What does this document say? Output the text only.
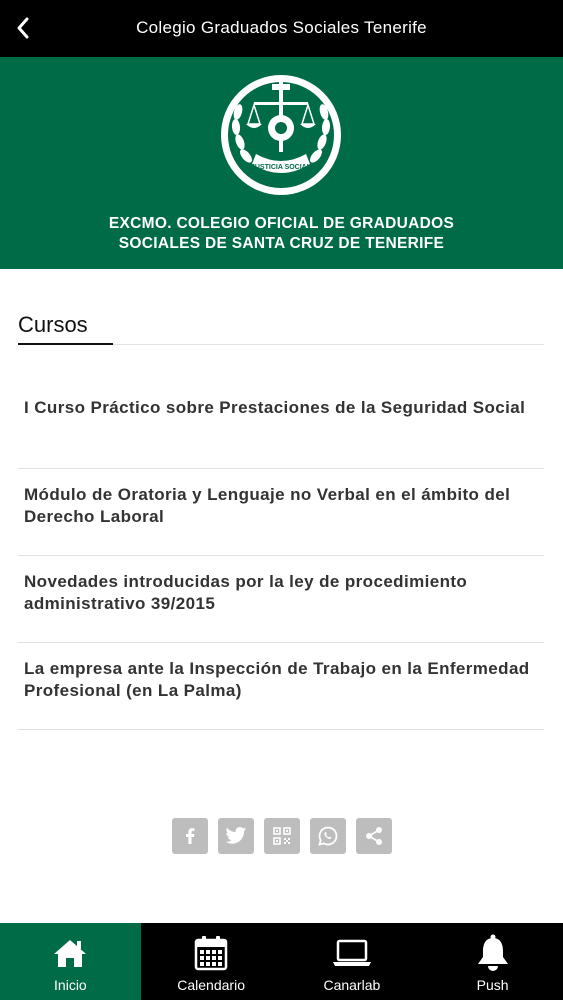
Colegio Graduados Sociales Tenerife
JUSTICIA SOCIAL
EXCMO. COLEGIO OFICIAL DE GRADUADOS
SOCIALES DE SANTA CRUZ DE TENERIFE
Cursos
I Curso Práctico sobre Prestaciones de la Seguridad Social
Módulo de Oratoria y Lenguaje no Verbal en el ámbito del Derecho Laboral
Novedades introducidas por la ley de procedimiento administrativo 39/2015
La empresa ante la Inspección de Trabajo en la Enfermedad Profesional (en La Palma)
Inicio	Calendario	Canarlab	Push
